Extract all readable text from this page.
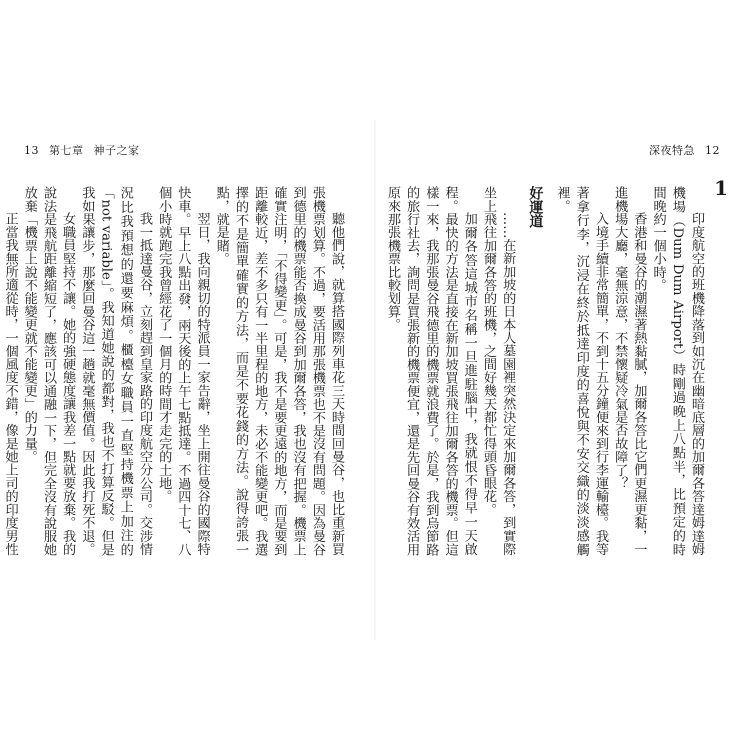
13 第七章 神子之家

聽他們說，就算搭國際列車花三天時間回曼谷，也比重新買張機票划算。不過，要活用那張機票也不是沒有問題。因為曼谷到德里的機票能否換成曼谷到加爾各答，我也沒有把握。機票上確實注明，「不得變更」。可是，我不是要更遠的地方，而是要到距離較近，差不多只有一半里程的地方，未必不能變更吧。我選擇的不是簡單確實的方法，而是不要花錢的方法。說得誇張一點，就是賭。

翌日，我向親切的特派員一家告辭，坐上開往曼谷的國際特快車。早上八點出發，兩天後的上午七點抵達。不過四十七、八個小時就跑完我曾經花了一個月的時間才走完的土地。

我一抵達曼谷，立刻趕到皇家路的印度航空分公司。交涉情況比我預想的還要麻煩。櫃檯女職員一直堅持機票上加注的「not variable」。我知道她說的都對，我也不打算反駁。但是我如果讓步，那麼回曼谷這一趟就毫無價值。因此我打死不退。

女職員堅持不讓。她的強硬態度讓我差一點就要放棄。我的說法是飛航距離縮短了，應該可以通融一下，但完全沒有說服她放棄「機票上說不能變更就不能變更」的力量。

正當我無所適從時，一個風度不錯，像是她上司的印度男性

深夜特急 12
1

印度航空的班機降落到如沉在幽暗底層的加爾各答達姆達姆機場（Dum Dum Airport）時剛過晚上八點半，比預定的時間晚約一個小時。

香港和曼谷的潮濕著熱黏膩，加爾各答比它們更濕更黏，一進機場大廳，毫無涼意，不禁懷疑冷氣是否故障了？

入境手續非常簡單，不到十五分鐘便來到行李運輸檯。我等著拿行李，沉浸在終於抵達印度的喜悅與不安交織的淡淡感觸裡。

好運道

……在新加坡的日本人墓園裡突然決定來加爾各答，到實際坐上飛往加爾各答的班機，之間好幾天都忙得頭昏眼花。

加爾各答這城市名稱一旦進駐腦中，我就恨不得早一天啟程。最快的方法是直接在新加坡買張飛往加爾各答的機票。但這樣一來，我那張曼谷飛德里的機票就浪費了。於是，我到烏節路的旅行社去，詢問是買張新的機票便宜，還是先回曼谷有效活用原來那張機票比較划算。
